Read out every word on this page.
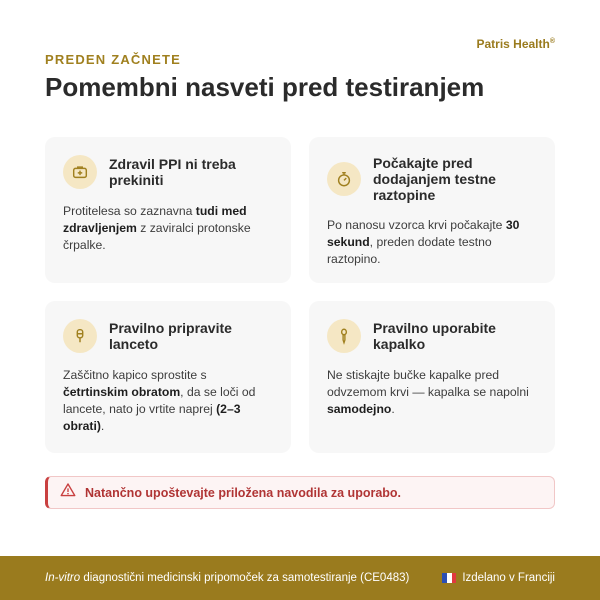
Patris Health®
PREDEN ZAČNETE
Pomembni nasveti pred testiranjem
Zdravil PPI ni treba prekiniti

Protitelesa so zaznavna tudi med zdravljenjem z zaviralci protonske črpalke.

Počakajte pred dodajanjem testne raztopine

Po nanosu vzorca krvi počakajte 30 sekund, preden dodate testno raztopino.

Pravilno pripravite lanceto

Zaščitno kapico sprostite s četrtinskim obratom, da se loči od lancete, nato jo vrtite naprej (2–3 obrati).

Pravilno uporabite kapalko

Ne stiskajte bučke kapalke pred odvzemom krvi — kapalka se napolni samodejno.

Natančno upoštevajte priložena navodila za uporabo.
In-vitro diagnostični medicinski pripomoček za samotestiranje (CE0483)	Izdelano v Franciji
